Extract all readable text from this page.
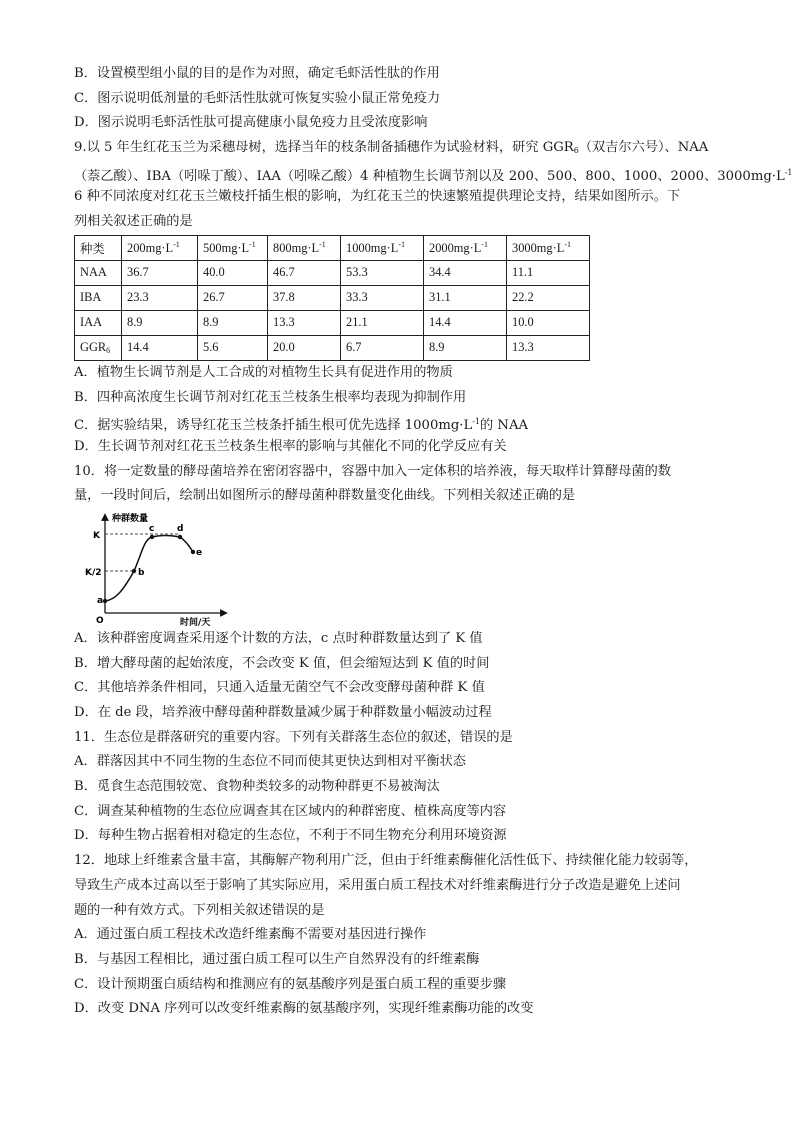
B．设置模型组小鼠的目的是作为对照，确定毛虾活性肽的作用
C．图示说明低剂量的毛虾活性肽就可恢复实验小鼠正常免疫力
D．图示说明毛虾活性肽可提高健康小鼠免疫力且受浓度影响
9.以 5 年生红花玉兰为采穗母树，选择当年的枝条制备插穗作为试验材料，研究 $GGR_6$（双吉尔六号）、NAA
（萘乙酸）、IBA（吲哚丁酸）、IAA（吲哚乙酸）4 种植物生长调节剂以及 200、500、800、1000、2000、$3000mg\cdot L^{-1}$
6 种不同浓度对红花玉兰嫩枝扦插生根的影响，为红花玉兰的快速繁殖提供理论支持，结果如图所示。下
列相关叙述正确的是
种类	$200mg\cdot L^{-1}$	$500mg\cdot L^{-1}$	$800mg\cdot L^{-1}$	$1000mg\cdot L^{-1}$	$2000mg\cdot L^{-1}$	$3000mg\cdot L^{-1}$
NAA	36.7	40.0	46.7	53.3	34.4	11.1
IBA	23.3	26.7	37.8	33.3	31.1	22.2
IAA	8.9	8.9	13.3	21.1	14.4	10.0
$GGR_6$	14.4	5.6	20.0	6.7	8.9	13.3
A．植物生长调节剂是人工合成的对植物生长具有促进作用的物质
B．四种高浓度生长调节剂对红花玉兰枝条生根率均表现为抑制作用
C．据实验结果，诱导红花玉兰枝条扦插生根可优先选择 $1000mg\cdot L^{-1}$的 NAA
D．生长调节剂对红花玉兰枝条生根率的影响与其催化不同的化学反应有关
10．将一定数量的酵母菌培养在密闭容器中，容器中加入一定体积的培养液，每天取样计算酵母菌的数
量，一段时间后，绘制出如图所示的酵母菌种群数量变化曲线。下列相关叙述正确的是
种群数量
时间/天
K
K/2
O
a
b
c	d
e
A．该种群密度调查采用逐个计数的方法，c 点时种群数量达到了 K 值
B．增大酵母菌的起始浓度，不会改变 K 值，但会缩短达到 K 值的时间
C．其他培养条件相同，只通入适量无菌空气不会改变酵母菌种群 K 值
D．在 de 段，培养液中酵母菌种群数量减少属于种群数量小幅波动过程
11．生态位是群落研究的重要内容。下列有关群落生态位的叙述，错误的是
A．群落因其中不同生物的生态位不同而使其更快达到相对平衡状态
B．觅食生态范围较宽、食物种类较多的动物种群更不易被淘汰
C．调查某种植物的生态位应调查其在区域内的种群密度、植株高度等内容
D．每种生物占据着相对稳定的生态位，不利于不同生物充分利用环境资源
12．地球上纤维素含量丰富，其酶解产物利用广泛，但由于纤维素酶催化活性低下、持续催化能力较弱等，
导致生产成本过高以至于影响了其实际应用，采用蛋白质工程技术对纤维素酶进行分子改造是避免上述问
题的一种有效方式。下列相关叙述错误的是
A．通过蛋白质工程技术改造纤维素酶不需要对基因进行操作
B．与基因工程相比，通过蛋白质工程可以生产自然界没有的纤维素酶
C．设计预期蛋白质结构和推测应有的氨基酸序列是蛋白质工程的重要步骤
D．改变 DNA 序列可以改变纤维素酶的氨基酸序列，实现纤维素酶功能的改变
